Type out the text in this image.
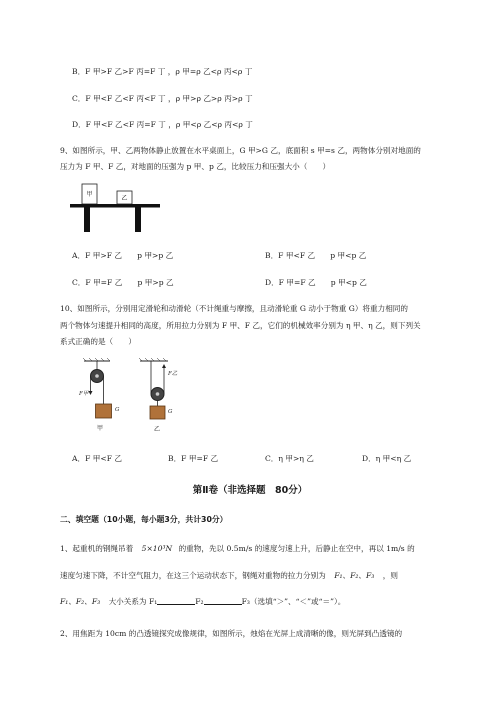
B．F 甲>F 乙>F 丙=F 丁 ，ρ 甲=ρ 乙<ρ 丙<ρ 丁
C．F 甲<F 乙<F 丙<F 丁 ，ρ 甲>ρ 乙>ρ 丙>ρ 丁
D．F 甲<F 乙<F 丙=F 丁 ，ρ 甲<ρ 乙<ρ 丙<ρ 丁
9、如图所示，甲、乙两物体静止放置在水平桌面上，G 甲>G 乙，底面积 s 甲=s 乙，两物体分别对地面的
压力为 F 甲、F 乙，对地面的压强为 p 甲、p 乙，比较压力和压强大小（　　）
甲
乙
A．F 甲>F 乙　　p 甲>p 乙	B．F 甲<F 乙　　p 甲<p 乙
C．F 甲=F 乙　　p 甲>p 乙	D．F 甲=F 乙　　p 甲<p 乙
10、如图所示，分别用定滑轮和动滑轮（不计绳重与摩擦，且动滑轮重 G 动小于物重 G）将重力相同的
两个物体匀速提升相同的高度，所用拉力分别为 F 甲、F 乙，它们的机械效率分别为 η 甲、η 乙，则下列关
系式正确的是（　　）
F甲
G
甲
F乙
G
乙
A．F 甲<F 乙	B．F 甲=F 乙	C．η 甲>η 乙	D．η 甲<η 乙
第Ⅱ卷（非选择题　80分）
二、填空题（10小题，每小题3分，共计30分）
1、起重机的钢绳吊着 5×10³N 的重物，先以 0.5m/s 的速度匀速上升，后静止在空中，再以 1m/s 的
速度匀速下降，不计空气阻力，在这三个运动状态下，钢绳对重物的拉力分别为 F₁、F₂、F₃ ，则
F₁、F₂、F₃ 大小关系为 F₁	F₂	F₃（选填“＞”、“＜”或“＝”）。
2、用焦距为 10cm 的凸透镜探究成像规律，如图所示，烛焰在光屏上成清晰的像，则光屏到凸透镜的
